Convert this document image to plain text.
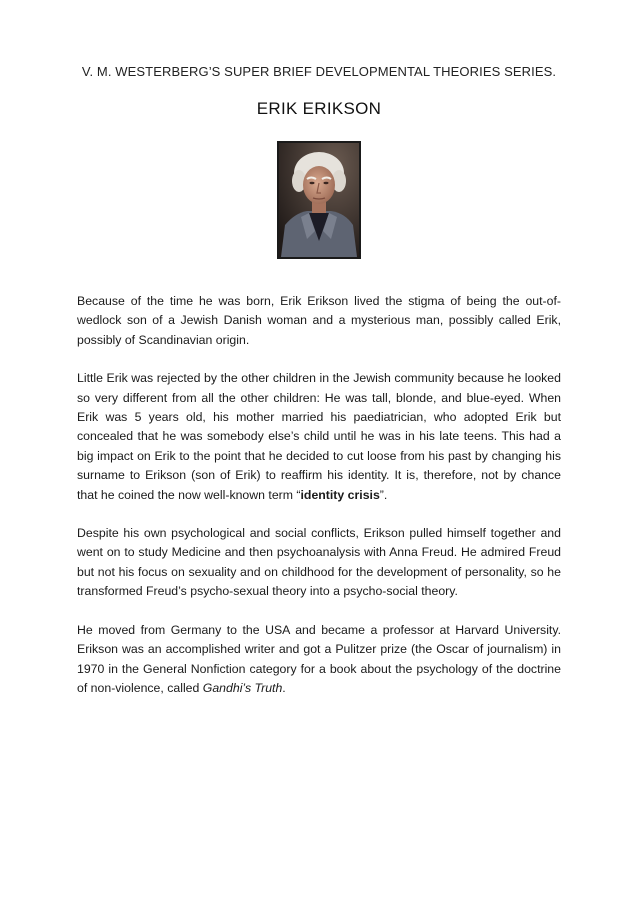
V. M. WESTERBERG’S SUPER BRIEF DEVELOPMENTAL THEORIES SERIES.
ERIK ERIKSON

Because of the time he was born, Erik Erikson lived the stigma of being the out-of-wedlock son of a Jewish Danish woman and a mysterious man, possibly called Erik, possibly of Scandinavian origin.

Little Erik was rejected by the other children in the Jewish community because he looked so very different from all the other children: He was tall, blonde, and blue-eyed. When Erik was 5 years old, his mother married his paediatrician, who adopted Erik but concealed that he was somebody else’s child until he was in his late teens. This had a big impact on Erik to the point that he decided to cut loose from his past by changing his surname to Erikson (son of Erik) to reaffirm his identity. It is, therefore, not by chance that he coined the now well-known term “identity crisis”.

Despite his own psychological and social conflicts, Erikson pulled himself together and went on to study Medicine and then psychoanalysis with Anna Freud. He admired Freud but not his focus on sexuality and on childhood for the development of personality, so he transformed Freud’s psycho-sexual theory into a psycho-social theory.

He moved from Germany to the USA and became a professor at Harvard University. Erikson was an accomplished writer and got a Pulitzer prize (the Oscar of journalism) in 1970 in the General Nonfiction category for a book about the psychology of the doctrine of non-violence, called Gandhi’s Truth.
